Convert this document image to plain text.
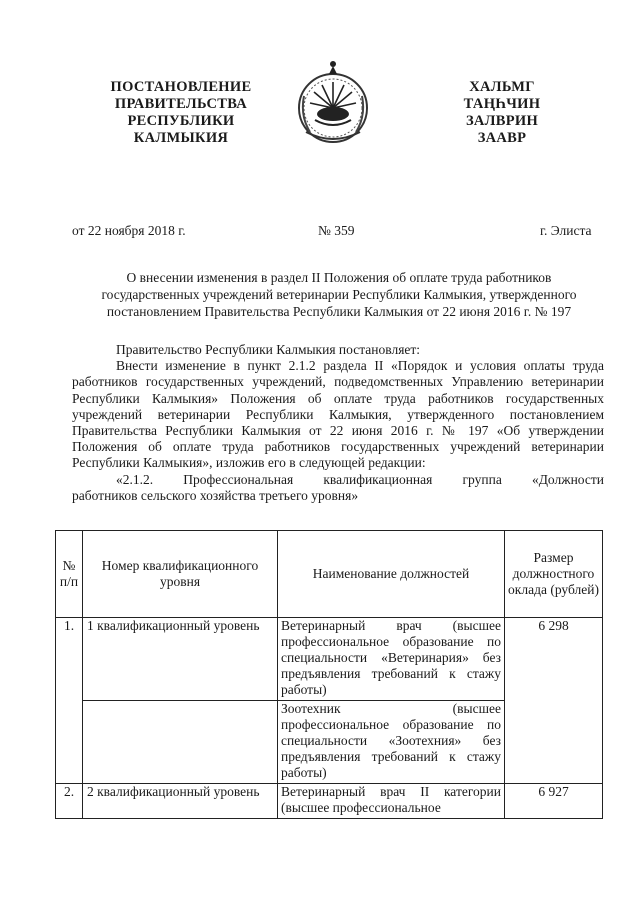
ПОСТАНОВЛЕНИЕ
ПРАВИТЕЛЬСТВА
РЕСПУБЛИКИ
КАЛМЫКИЯ
ХАЛЬМГ
ТАҢҺЧИН
ЗАЛВРИН
ЗААВР
от 22 ноября 2018 г.	№ 359	г. Элиста
О внесении изменения в раздел II Положения об оплате труда работников
государственных учреждений ветеринарии Республики Калмыкия, утвержденного
постановлением Правительства Республики Калмыкия от 22 июня 2016 г. № 197

Правительство Республики Калмыкия постановляет:

Внести изменение в пункт 2.1.2 раздела II «Порядок и условия оплаты труда работников государственных учреждений, подведомственных Управлению ветеринарии Республики Калмыкия» Положения об оплате труда работников государственных учреждений ветеринарии Республики Калмыкия, утвержденного постановлением Правительства Республики Калмыкия от 22 июня 2016 г. № 197 «Об утверждении Положения об оплате труда работников государственных учреждений ветеринарии Республики Калмыкия», изложив его в следующей редакции:

«2.1.2. Профессиональная квалификационная группа «Должности

работников сельского хозяйства третьего уровня»

№ п/п	Номер квалификационного уровня	Наименование должностей	Размер должностного оклада (рублей)
1.	1 квалификационный уровень	Ветеринарный врач (высшее профессиональное образование по специальности «Ветеринария» без предъявления требований к стажу работы)	6 298
		Зоотехник (высшее профессиональное образование по специальности «Зоотехния» без предъявления требований к стажу работы)	
2.	2 квалификационный уровень	Ветеринарный врач II категории (высшее профессиональное	6 927
